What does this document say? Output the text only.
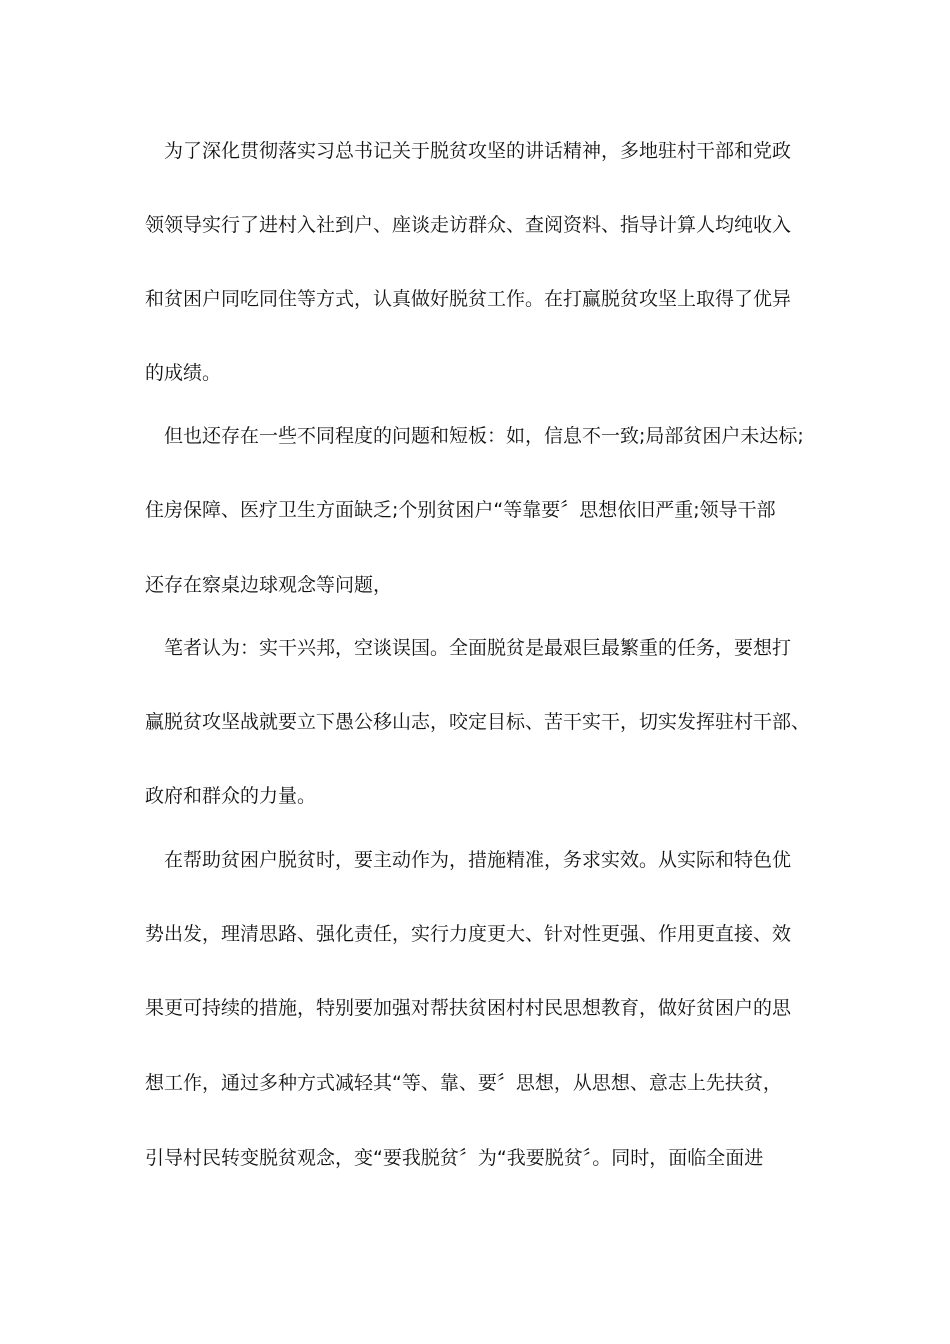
为了深化贯彻落实习总书记关于脱贫攻坚的讲话精神，多地驻村干部和党政
领领导实行了进村入社到户、座谈走访群众、查阅资料、指导计算人均纯收入
和贫困户同吃同住等方式，认真做好脱贫工作。在打赢脱贫攻坚上取得了优异
的成绩。
但也还存在一些不同程度的问题和短板：如，信息不一致;局部贫困户未达标;
住房保障、医疗卫生方面缺乏;个别贫困户“等靠要〞思想依旧严重;领导干部
还存在察桌边球观念等问题，
笔者认为：实干兴邦，空谈误国。全面脱贫是最艰巨最繁重的任务，要想打
赢脱贫攻坚战就要立下愚公移山志，咬定目标、苦干实干，切实发挥驻村干部、
政府和群众的力量。
在帮助贫困户脱贫时，要主动作为，措施精准，务求实效。从实际和特色优
势出发，理清思路、强化责任，实行力度更大、针对性更强、作用更直接、效
果更可持续的措施，特别要加强对帮扶贫困村村民思想教育，做好贫困户的思
想工作，通过多种方式减轻其“等、靠、要〞思想，从思想、意志上先扶贫，
引导村民转变脱贫观念，变“要我脱贫〞为“我要脱贫〞。同时，面临全面进
